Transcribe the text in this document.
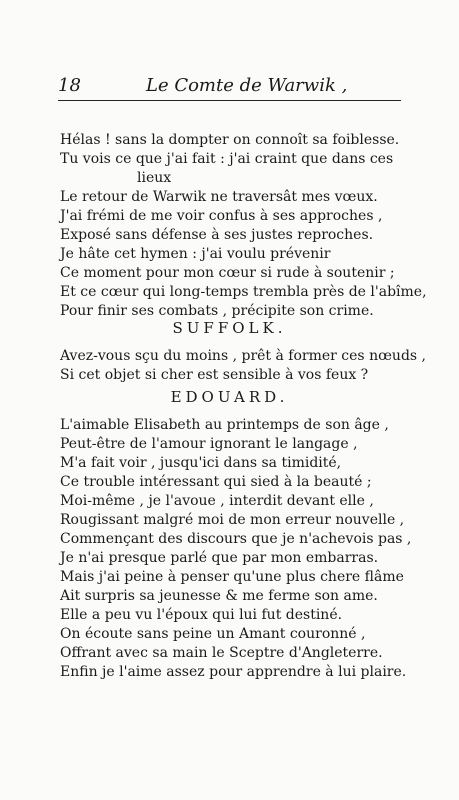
18	Le Comte de Warwik ,
Hélas ! sans la dompter on connoît sa foiblesse.
Tu vois ce que j'ai fait : j'ai craint que dans ces
lieux
Le retour de Warwik ne traversât mes vœux.
J'ai frémi de me voir confus à ses approches ,
Exposé sans défense à ses justes reproches.
Je hâte cet hymen : j'ai voulu prévenir
Ce moment pour mon cœur si rude à soutenir ;
Et ce cœur qui long-temps trembla près de l'abîme,
Pour finir ses combats , précipite son crime.
SUFFOLK.
Avez-vous sçu du moins , prêt à former ces nœuds ,
Si cet objet si cher est sensible à vos feux ?
EDOUARD.
L'aimable Elisabeth au printemps de son âge ,
Peut-être de l'amour ignorant le langage ,
M'a fait voir , jusqu'ici dans sa timidité,
Ce trouble intéressant qui sied à la beauté ;
Moi-même , je l'avoue , interdit devant elle ,
Rougissant malgré moi de mon erreur nouvelle ,
Commençant des discours que je n'achevois pas ,
Je n'ai presque parlé que par mon embarras.
Mais j'ai peine à penser qu'une plus chere flâme
Ait surpris sa jeunesse & me ferme son ame.
Elle a peu vu l'époux qui lui fut destiné.
On écoute sans peine un Amant couronné ,
Offrant avec sa main le Sceptre d'Angleterre.
Enfin je l'aime assez pour apprendre à lui plaire.
